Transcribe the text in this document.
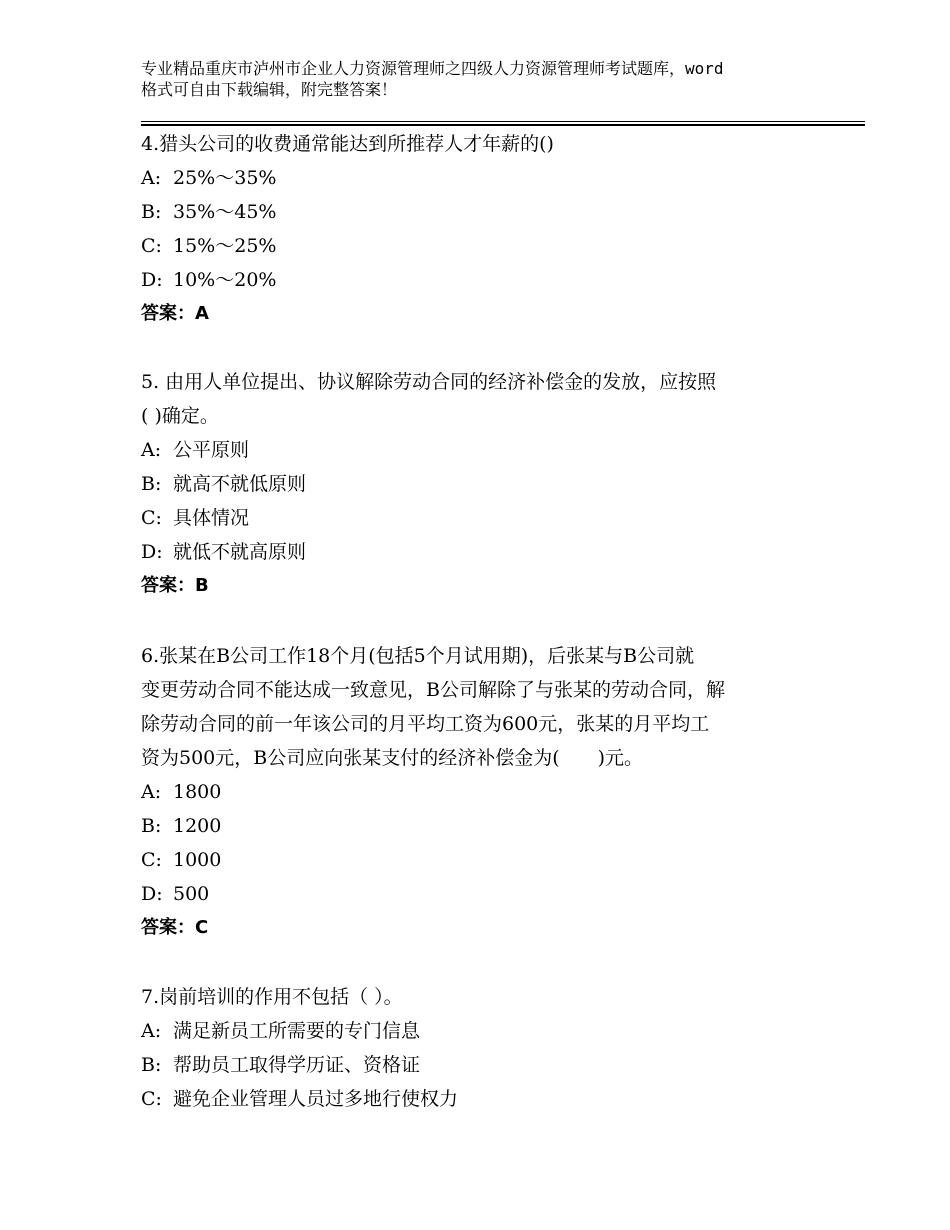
专业精品重庆市泸州市企业人力资源管理师之四级人力资源管理师考试题库，word
格式可自由下载编辑，附完整答案！
4.猎头公司的收费通常能达到所推荐人才年薪的()
A: 25%～35%
B: 35%～45%
C: 15%～25%
D: 10%～20%
答案：A
5. 由用人单位提出、协议解除劳动合同的经济补偿金的发放，应按照
( )确定。
A: 公平原则
B: 就高不就低原则
C: 具体情况
D: 就低不就高原则
答案：B
6.张某在B公司工作18个月(包括5个月试用期)，后张某与B公司就
变更劳动合同不能达成一致意见，B公司解除了与张某的劳动合同，解
除劳动合同的前一年该公司的月平均工资为600元，张某的月平均工
资为500元，B公司应向张某支付的经济补偿金为(　　)元。
A: 1800
B: 1200
C: 1000
D: 500
答案：C
7.岗前培训的作用不包括（ ）。
A: 满足新员工所需要的专门信息
B: 帮助员工取得学历证、资格证
C: 避免企业管理人员过多地行使权力
